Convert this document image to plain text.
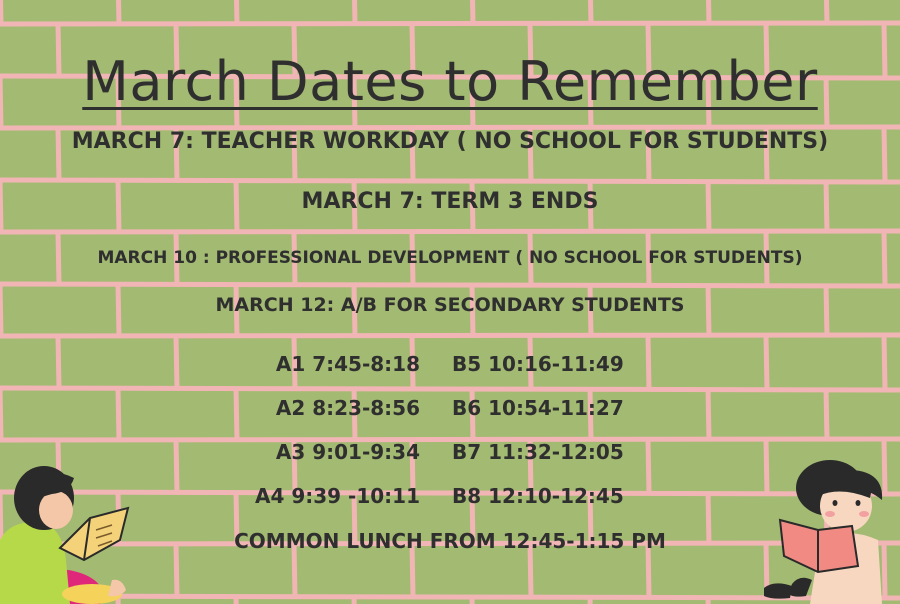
March Dates to Remember
MARCH 7: TEACHER WORKDAY ( NO SCHOOL FOR STUDENTS)
MARCH 7: TERM 3 ENDS
MARCH 10 : PROFESSIONAL DEVELOPMENT ( NO SCHOOL FOR STUDENTS)
MARCH 12: A/B FOR SECONDARY STUDENTS
A1 7:45-8:18 B5 10:16-11:49
A2 8:23-8:56 B6 10:54-11:27
A3 9:01-9:34 B7 11:32-12:05
A4 9:39 -10:11 B8 12:10-12:45
COMMON LUNCH FROM 12:45-1:15 PM
